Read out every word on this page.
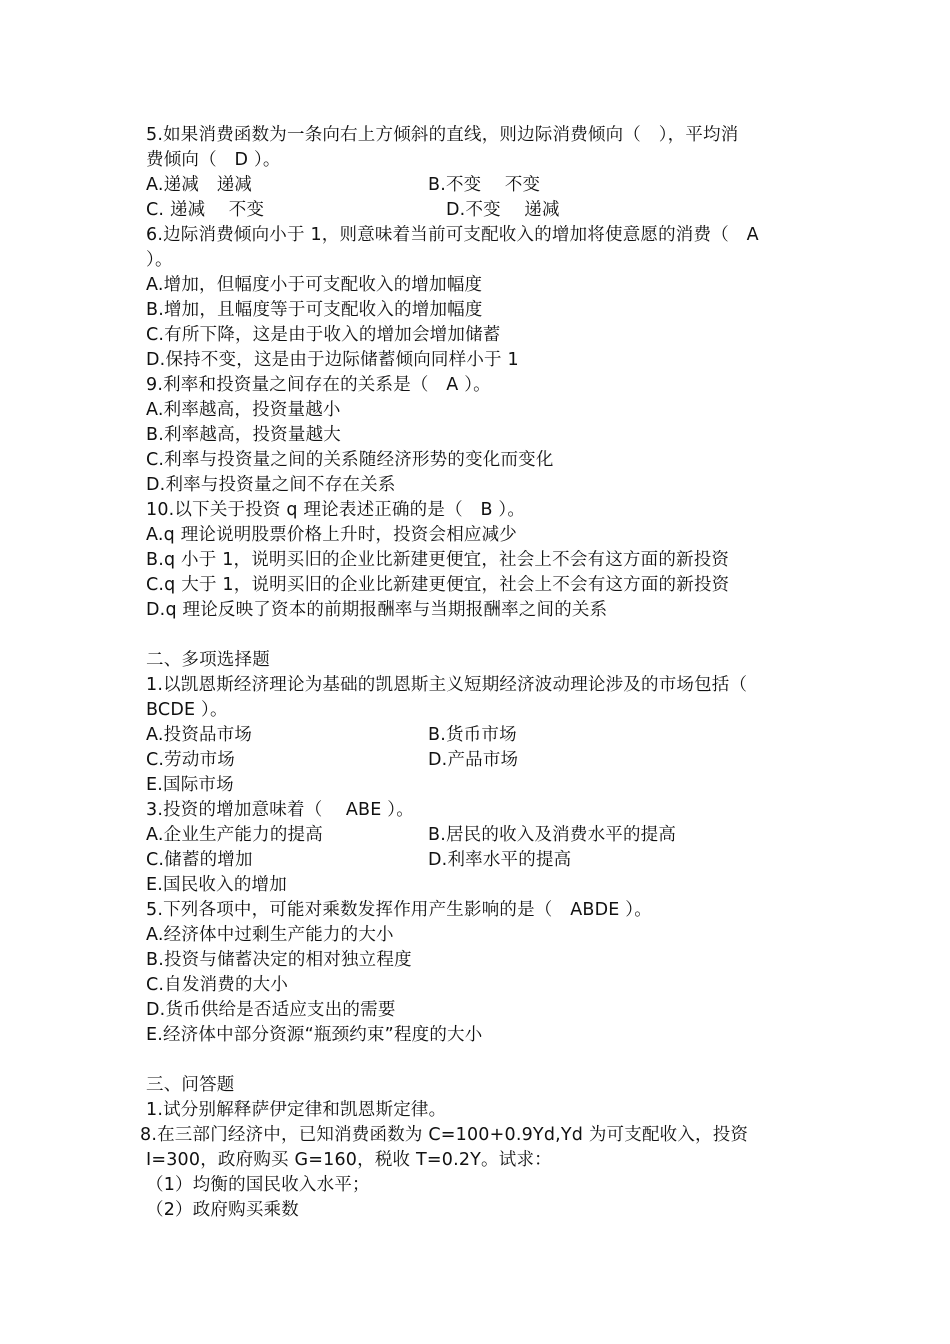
5.如果消费函数为一条向右上方倾斜的直线，则边际消费倾向（　），平均消
费倾向（　D ）。
A.递减　递减	B.不变　 不变
C. 递减　 不变	D.不变　 递减
6.边际消费倾向小于 1，则意味着当前可支配收入的增加将使意愿的消费（　A
）。
A.增加，但幅度小于可支配收入的增加幅度
B.增加，且幅度等于可支配收入的增加幅度
C.有所下降，这是由于收入的增加会增加储蓄
D.保持不变，这是由于边际储蓄倾向同样小于 1
9.利率和投资量之间存在的关系是（　A ）。
A.利率越高，投资量越小
B.利率越高，投资量越大
C.利率与投资量之间的关系随经济形势的变化而变化
D.利率与投资量之间不存在关系
10.以下关于投资 q 理论表述正确的是（　B ）。
A.q 理论说明股票价格上升时，投资会相应减少
B.q 小于 1，说明买旧的企业比新建更便宜，社会上不会有这方面的新投资
C.q 大于 1，说明买旧的企业比新建更便宜，社会上不会有这方面的新投资
D.q 理论反映了资本的前期报酬率与当期报酬率之间的关系
二、多项选择题
1.以凯恩斯经济理论为基础的凯恩斯主义短期经济波动理论涉及的市场包括（
BCDE ）。
A.投资品市场	B.货币市场
C.劳动市场	D.产品市场
E.国际市场
3.投资的增加意味着（　 ABE ）。
A.企业生产能力的提高	B.居民的收入及消费水平的提高
C.储蓄的增加	D.利率水平的提高
E.国民收入的增加
5.下列各项中，可能对乘数发挥作用产生影响的是（　ABDE ）。
A.经济体中过剩生产能力的大小
B.投资与储蓄决定的相对独立程度
C.自发消费的大小
D.货币供给是否适应支出的需要
E.经济体中部分资源“瓶颈约束”程度的大小
三、问答题
1.试分别解释萨伊定律和凯恩斯定律。
8.在三部门经济中，已知消费函数为 C=100+0.9Yd,Yd 为可支配收入，投资
I=300，政府购买 G=160，税收 T=0.2Y。试求：
（1）均衡的国民收入水平；
（2）政府购买乘数
